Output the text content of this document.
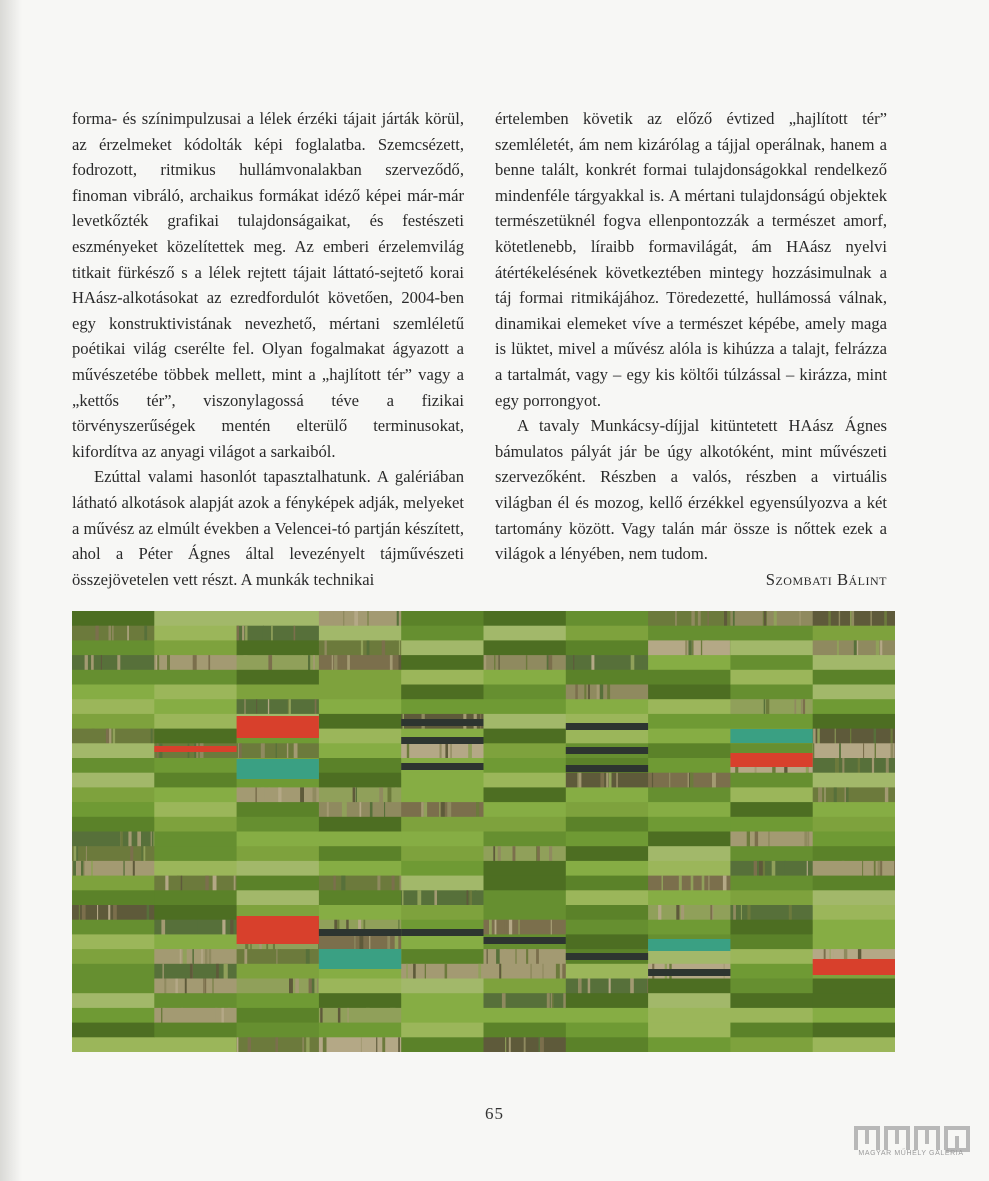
forma- és színimpulzusai a lélek érzéki tájait járták körül, az érzelmeket kódolták képi foglalatba. Szemcsézett, fodrozott, ritmikus hullámvonalakban szerveződő, finoman vibráló, archaikus formákat idéző képei már-már levetkőzték grafikai tulajdonságaikat, és festészeti eszményeket közelítettek meg. Az emberi érzelemvilág titkait fürkésző s a lélek rejtett tájait láttató-sejtető korai HAász-alkotásokat az ezredfordulót követően, 2004-ben egy konstruktivistának nevezhető, mértani szemléletű poétikai világ cserélte fel. Olyan fogalmakat ágyazott a művészetébe többek mellett, mint a „hajlított tér” vagy a „kettős tér”, viszonylagossá téve a fizikai törvényszerűségek mentén elterülő terminusokat, kifordítva az anyagi világot a sarkaiból.

Ezúttal valami hasonlót tapasztalhatunk. A galériában látható alkotások alapját azok a fényképek adják, melyeket a művész az elmúlt években a Velencei-tó partján készített, ahol a Péter Ágnes által levezényelt tájművészeti összejövetelen vett részt. A munkák technikai

értelemben követik az előző évtized „hajlított tér” szemléletét, ám nem kizárólag a tájjal operálnak, hanem a benne talált, konkrét formai tulajdonságokkal rendelkező mindenféle tárgyakkal is. A mértani tulajdonságú objektek természetüknél fogva ellenpontozzák a természet amorf, kötetlenebb, líraibb formavilágát, ám HAász nyelvi átértékelésének következtében mintegy hozzásimulnak a táj formai ritmikájához. Töredezetté, hullámossá válnak, dinamikai elemeket víve a természet képébe, amely maga is lüktet, mivel a művész alóla is kihúzza a talajt, felrázza a tartalmát, vagy – egy kis költői túlzással – kirázza, mint egy porrongyot.

A tavaly Munkácsy-díjjal kitüntetett HAász Ágnes bámulatos pályát jár be úgy alkotóként, mint művészeti szervezőként. Részben a valós, részben a virtuális világban él és mozog, kellő érzékkel egyensúlyozva a két tartomány között. Vagy talán már össze is nőttek ezek a világok a lényében, nem tudom.

Szombati Bálint

65
MAGYAR MŰHELY GALÉRIA
